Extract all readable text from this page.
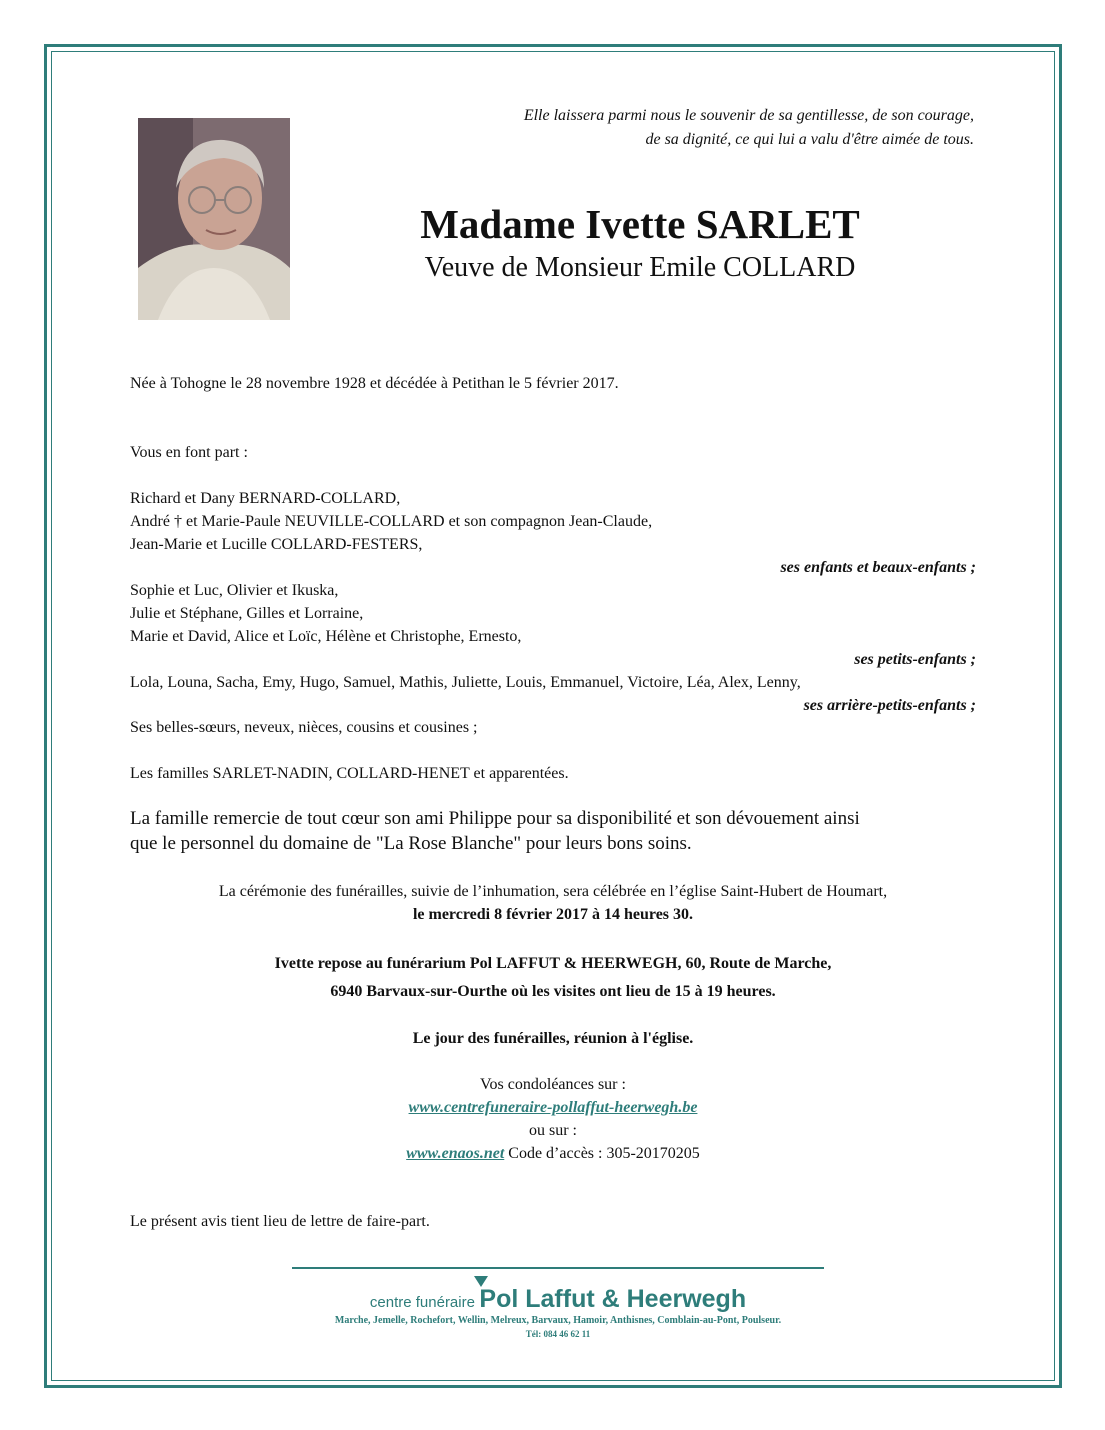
Elle laissera parmi nous le souvenir de sa gentillesse, de son courage,
de sa dignité, ce qui lui a valu d'être aimée de tous.
Madame Ivette SARLET
Veuve de Monsieur Emile COLLARD
Née à Tohogne le 28 novembre 1928 et décédée à Petithan le 5 février 2017.
Vous en font part :
Richard et Dany BERNARD-COLLARD,
André † et Marie-Paule NEUVILLE-COLLARD et son compagnon Jean-Claude,
Jean-Marie et Lucille COLLARD-FESTERS,
ses enfants et beaux-enfants ;
Sophie et Luc, Olivier et Ikuska,
Julie et Stéphane, Gilles et Lorraine,
Marie et David, Alice et Loïc, Hélène et Christophe, Ernesto,
ses petits-enfants ;
Lola, Louna, Sacha, Emy, Hugo, Samuel, Mathis, Juliette, Louis, Emmanuel, Victoire, Léa, Alex, Lenny,
ses arrière-petits-enfants ;
Ses belles-sœurs, neveux, nièces, cousins et cousines ;
Les familles SARLET-NADIN, COLLARD-HENET et apparentées.
La famille remercie de tout cœur son ami Philippe pour sa disponibilité et son dévouement ainsi
que le personnel du domaine de "La Rose Blanche" pour leurs bons soins.
La cérémonie des funérailles, suivie de l’inhumation, sera célébrée en l’église Saint-Hubert de Houmart,
le mercredi 8 février 2017 à 14 heures 30.
Ivette repose au funérarium Pol LAFFUT & HEERWEGH, 60, Route de Marche,
6940 Barvaux-sur-Ourthe où les visites ont lieu de 15 à 19 heures.
Le jour des funérailles, réunion à l'église.
Vos condoléances sur :
www.centrefuneraire-pollaffut-heerwegh.be
ou sur :
www.enaos.net Code d’accès : 305-20170205
Le présent avis tient lieu de lettre de faire-part.
centre funéraire Pol Laffut & Heerwegh
Marche, Jemelle, Rochefort, Wellin, Melreux, Barvaux, Hamoir, Anthisnes, Comblain-au-Pont, Poulseur.
Tél: 084 46 62 11
